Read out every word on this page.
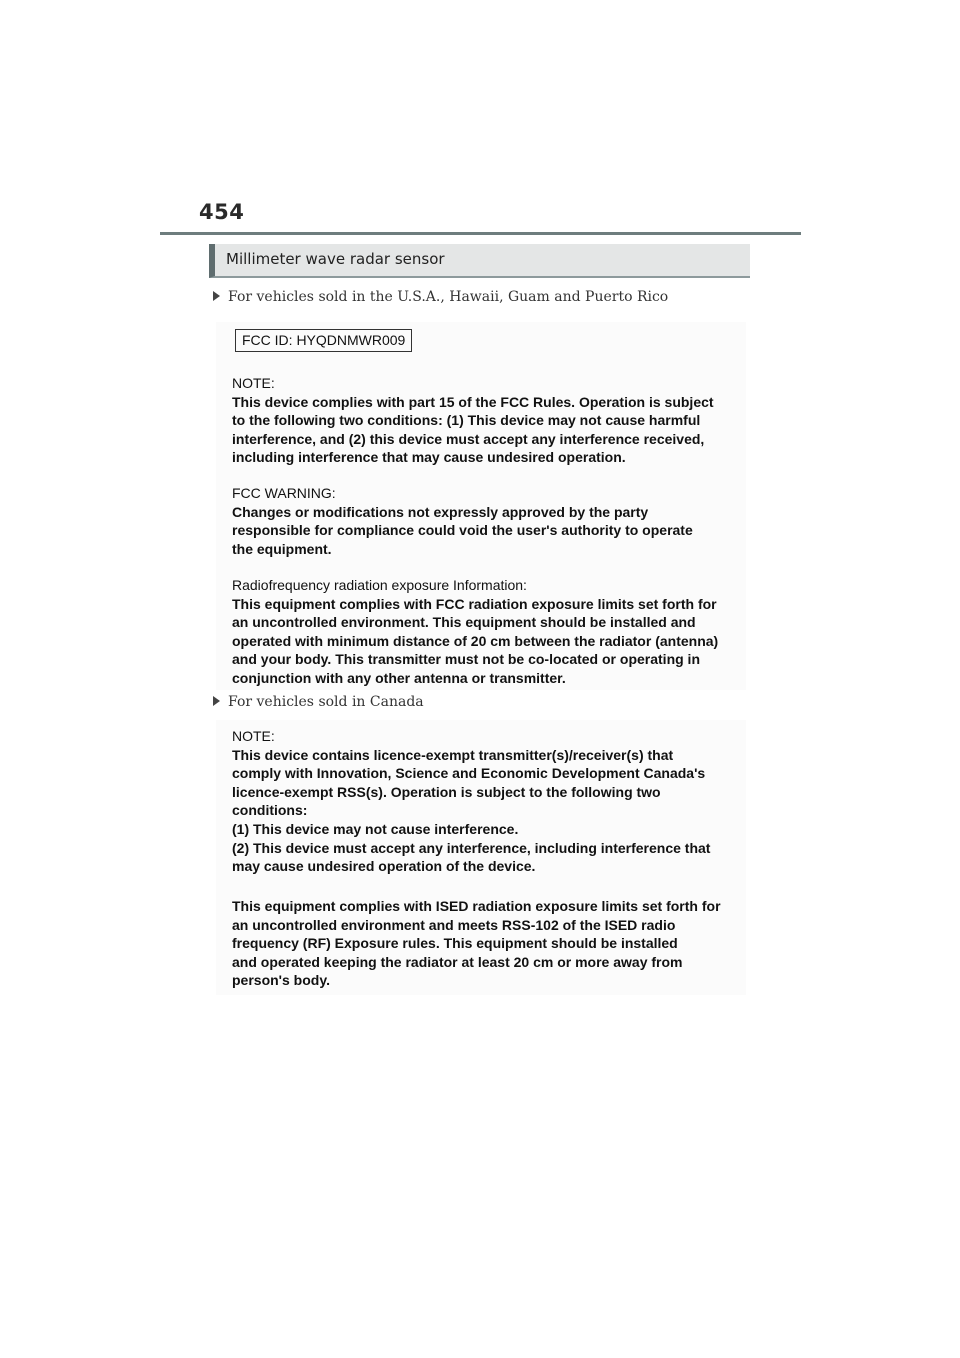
454
Millimeter wave radar sensor
For vehicles sold in the U.S.A., Hawaii, Guam and Puerto Rico
FCC ID: HYQDNMWR009
NOTE:
This device complies with part 15 of the FCC Rules. Operation is subject
to the following two conditions: (1) This device may not cause harmful
interference, and (2) this device must accept any interference received,
including interference that may cause undesired operation.
FCC WARNING:
Changes or modifications not expressly approved by the party
responsible for compliance could void the user's authority to operate
the equipment.
Radiofrequency radiation exposure Information:
This equipment complies with FCC radiation exposure limits set forth for
an uncontrolled environment. This equipment should be installed and
operated with minimum distance of 20 cm between the radiator (antenna)
and your body. This transmitter must not be co-located or operating in
conjunction with any other antenna or transmitter.
For vehicles sold in Canada
NOTE:
This device contains licence-exempt transmitter(s)/receiver(s) that
comply with Innovation, Science and Economic Development Canada's
licence-exempt RSS(s). Operation is subject to the following two
conditions:
(1) This device may not cause interference.
(2) This device must accept any interference, including interference that
may cause undesired operation of the device.
This equipment complies with ISED radiation exposure limits set forth for
an uncontrolled environment and meets RSS-102 of the ISED radio
frequency (RF) Exposure rules. This equipment should be installed
and operated keeping the radiator at least 20 cm or more away from
person's body.
